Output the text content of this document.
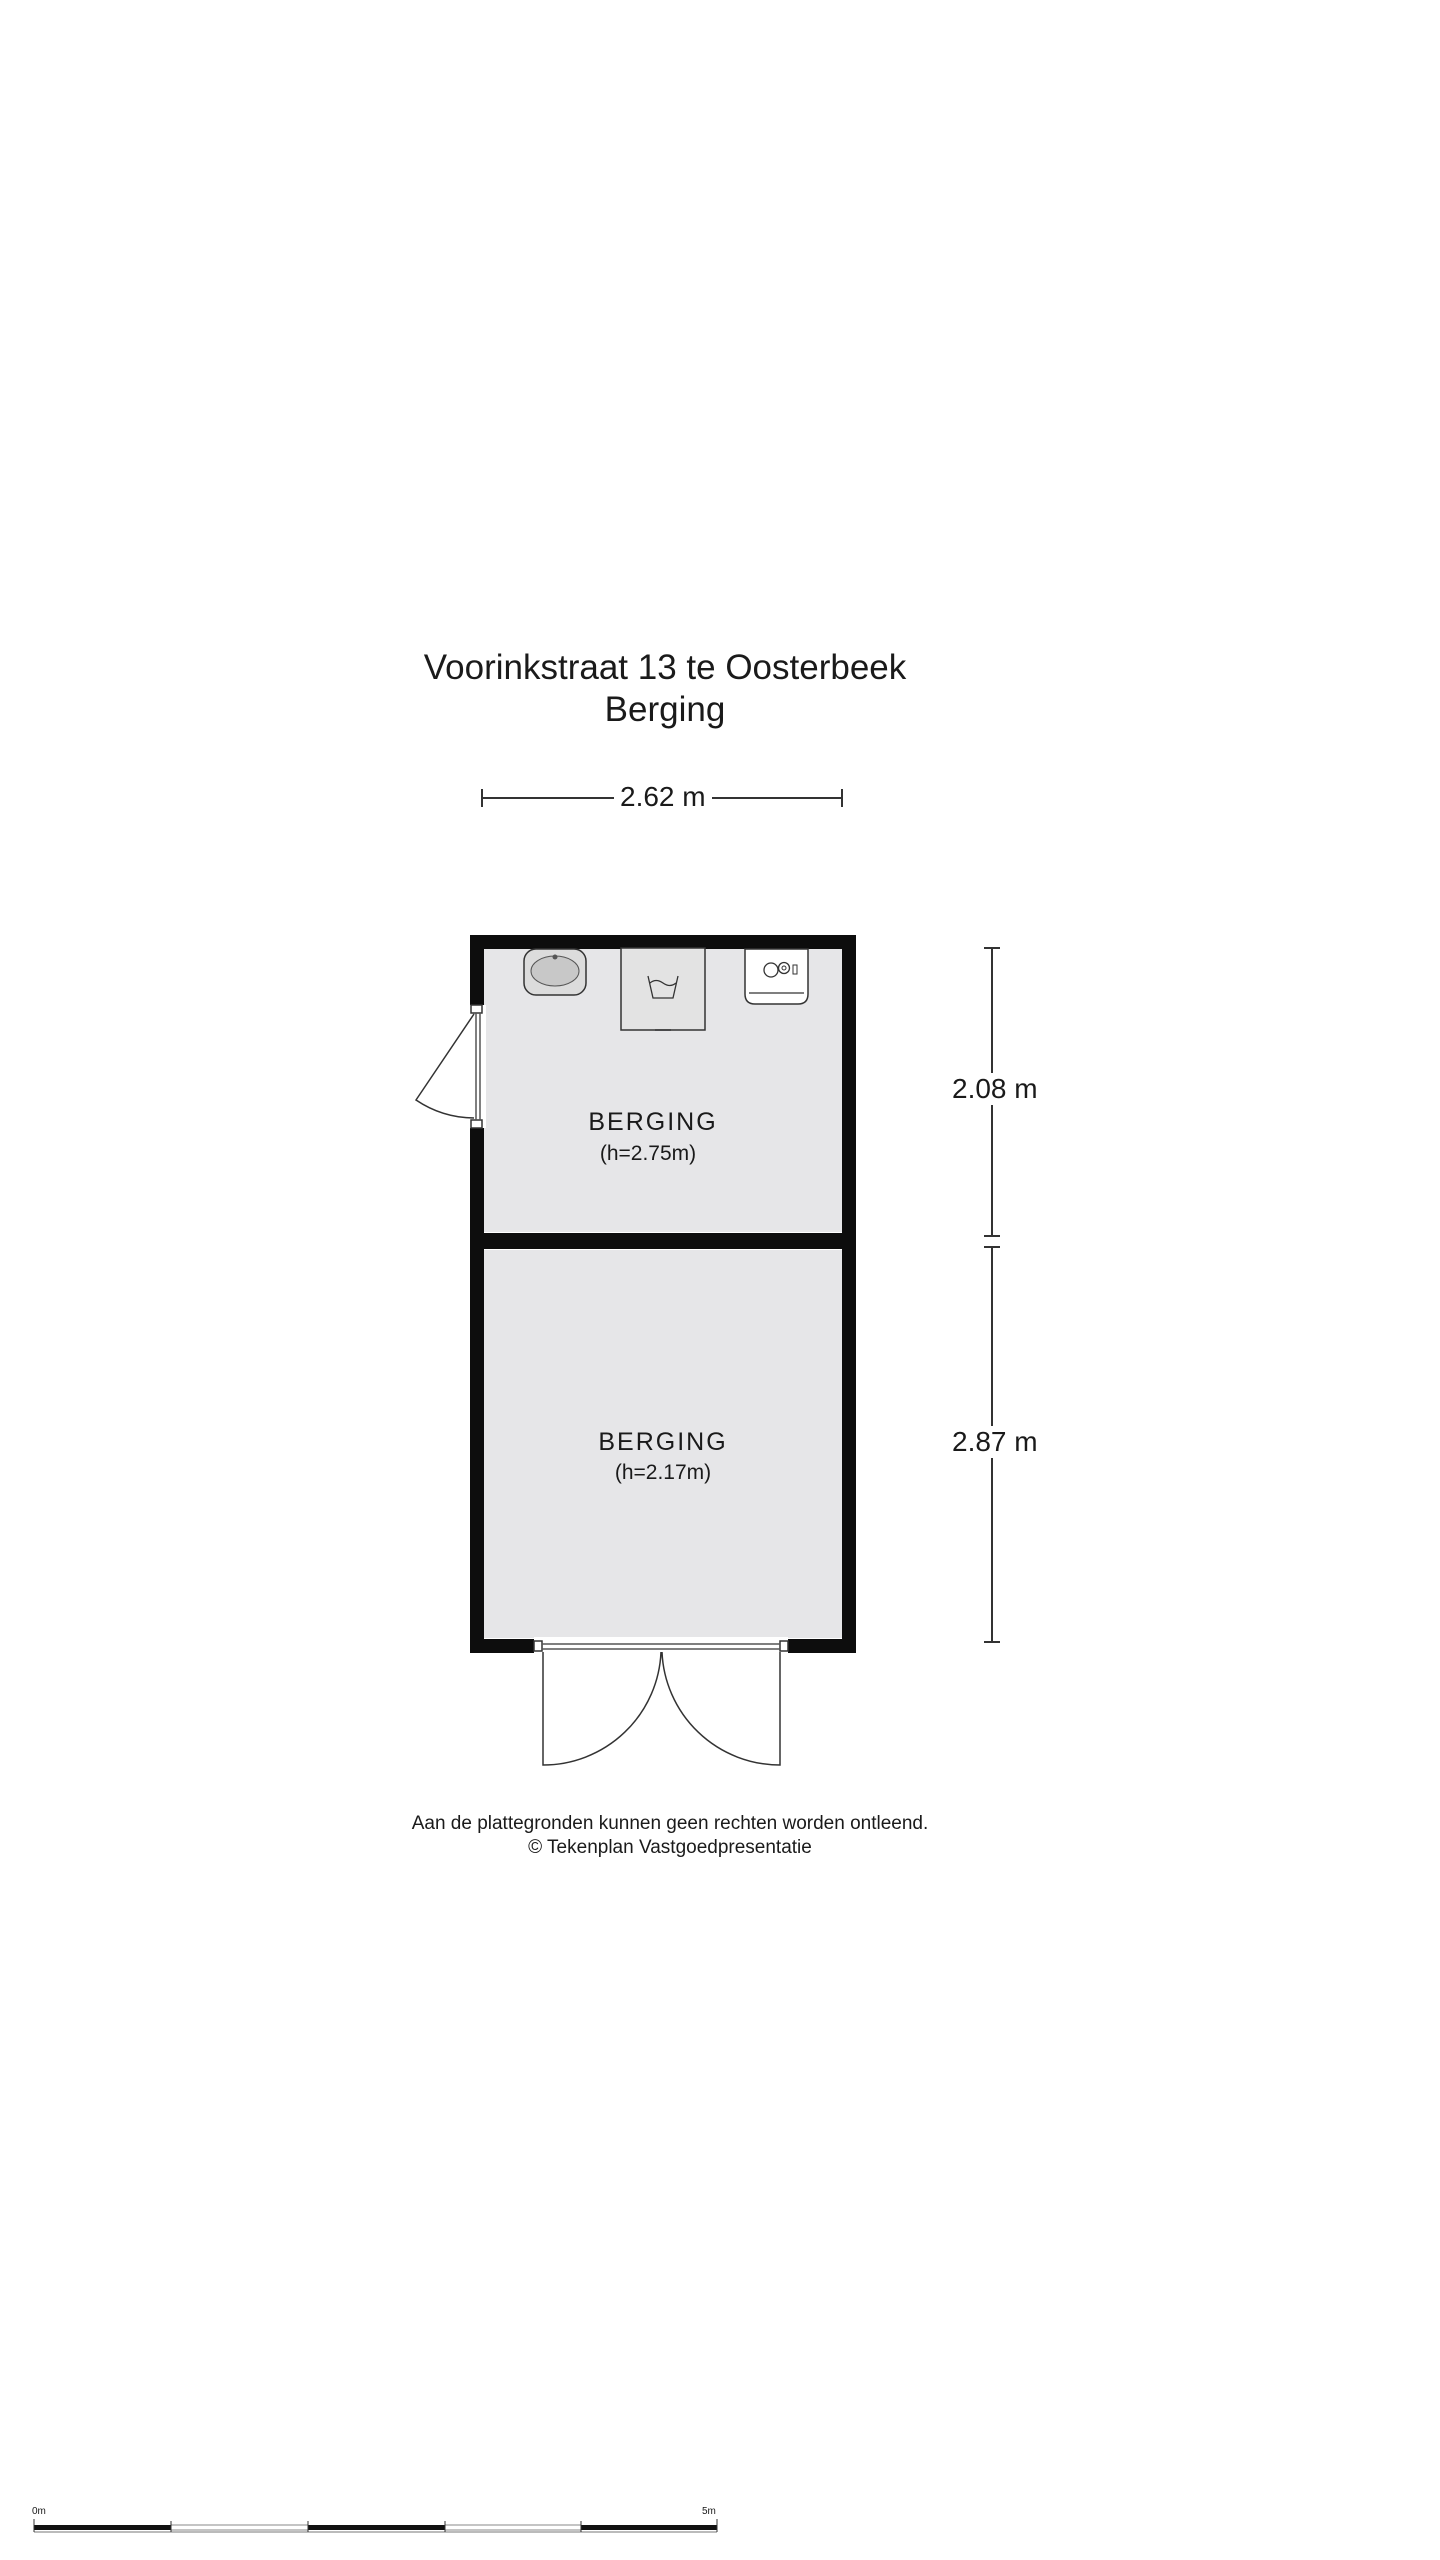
Voorinkstraat 13 te Oosterbeek
Berging
2.62 m
2.08 m
2.87 m
BERGING
(h=2.75m)
BERGING
(h=2.17m)
Aan de plattegronden kunnen geen rechten worden ontleend.
© Tekenplan Vastgoedpresentatie
0m	5m
